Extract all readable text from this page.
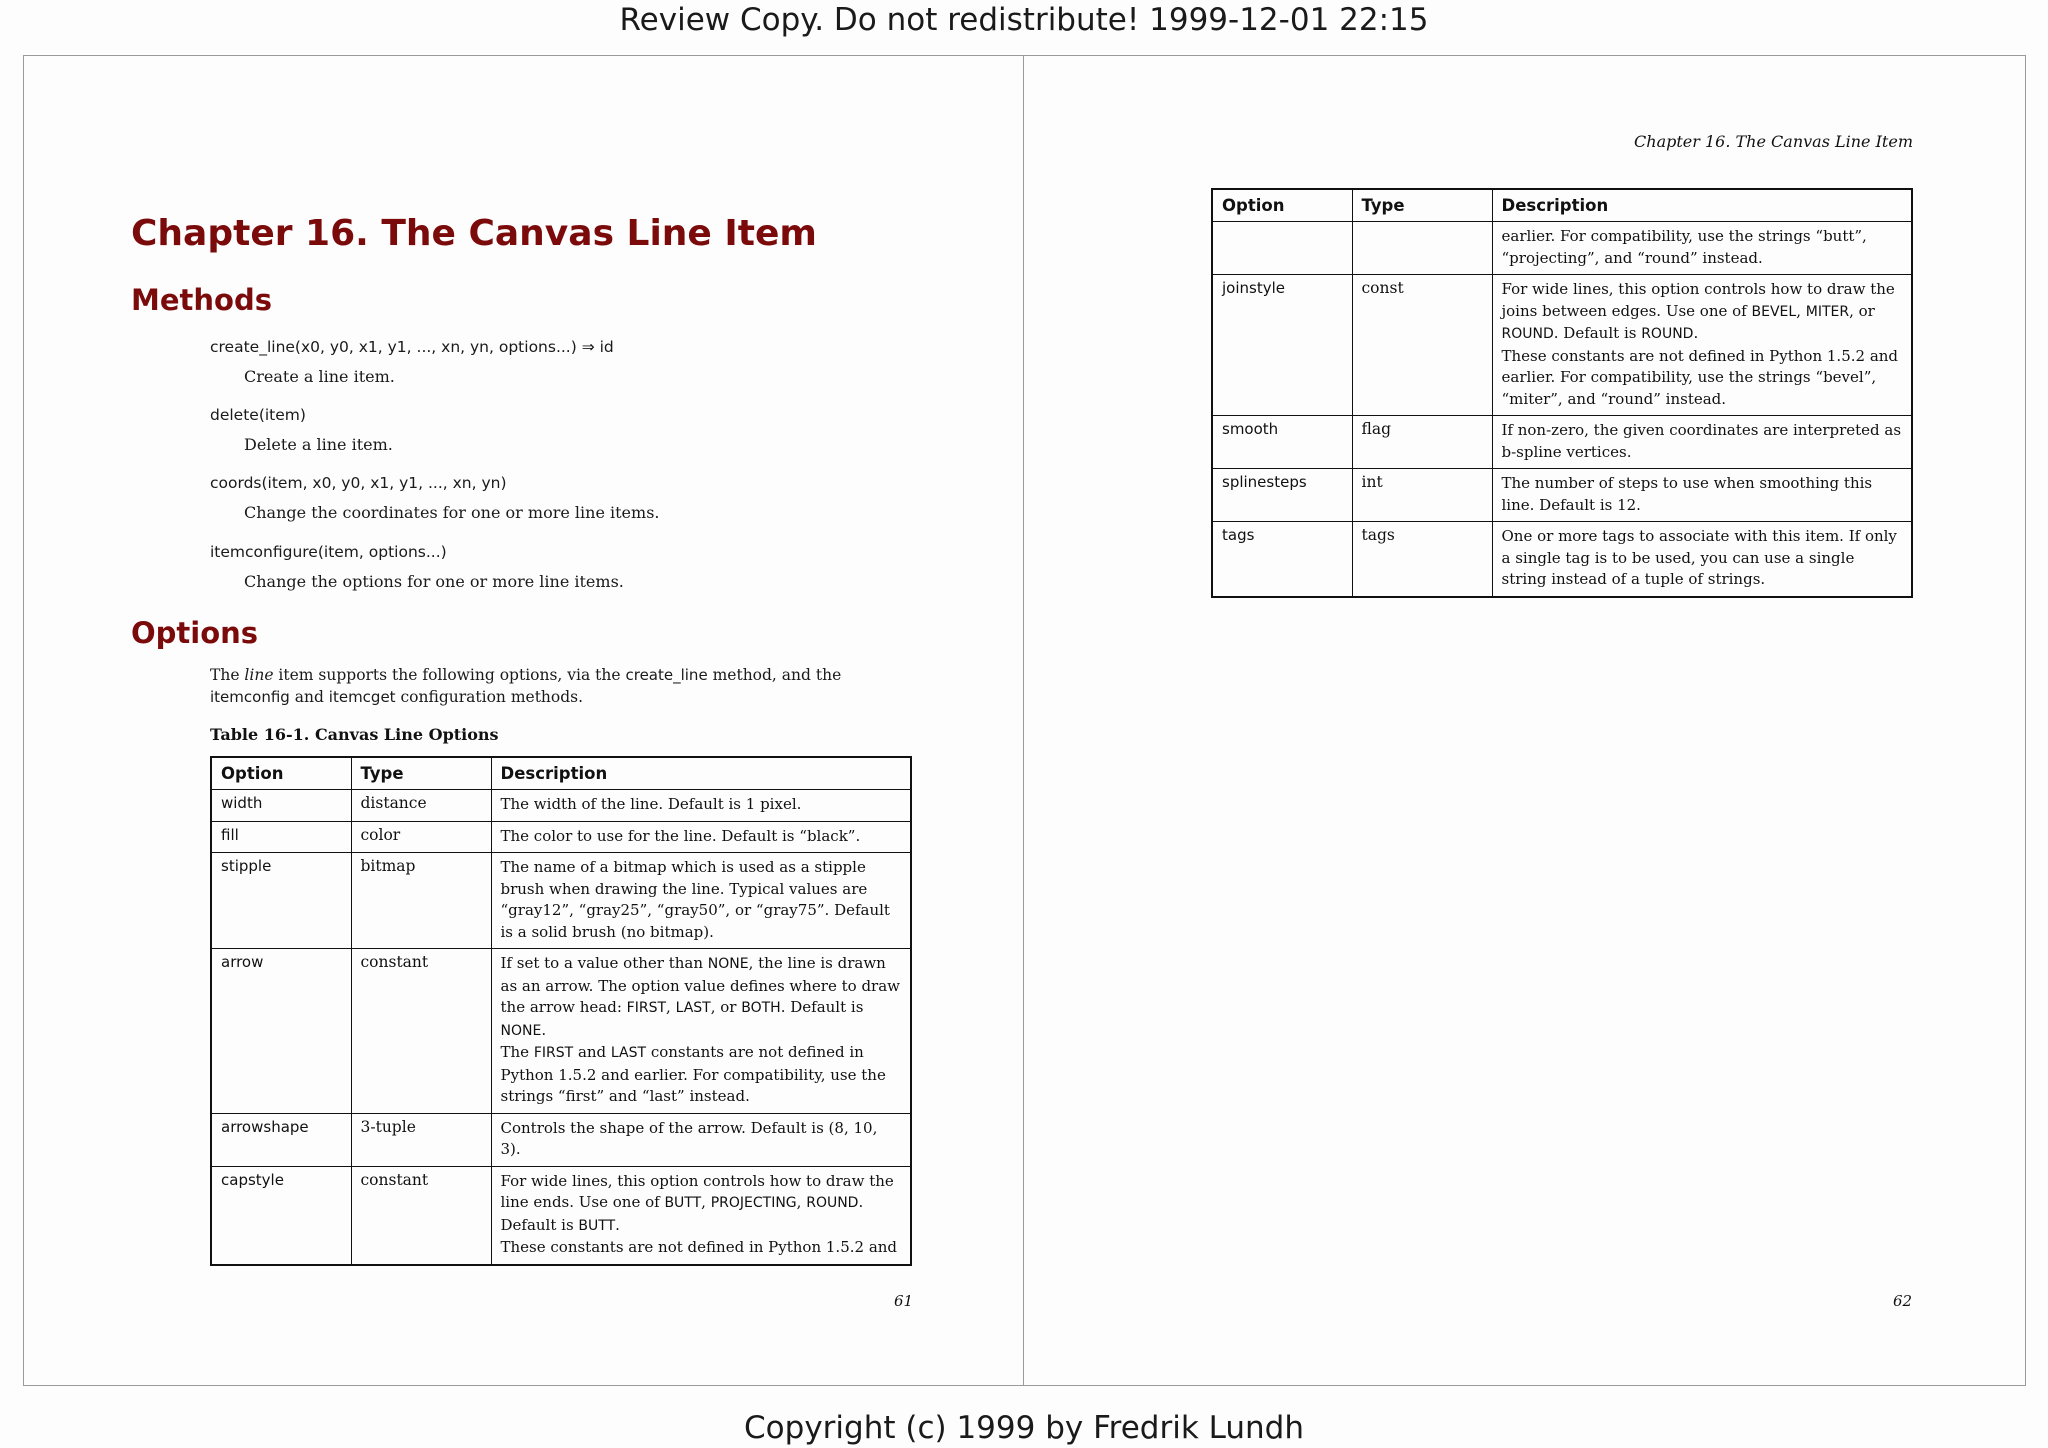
Review Copy. Do not redistribute! 1999-12-01 22:15
Chapter 16. The Canvas Line Item
Methods
create_line(x0, y0, x1, y1, ..., xn, yn, options...) ⇒ id
Create a line item.
delete(item)
Delete a line item.
coords(item, x0, y0, x1, y1, ..., xn, yn)
Change the coordinates for one or more line items.
itemconfigure(item, options...)
Change the options for one or more line items.
Options
The line item supports the following options, via the create_line method, and the itemconfig and itemcget configuration methods.
Table 16-1. Canvas Line Options
Option	Type	Description
width	distance	The width of the line. Default is 1 pixel.
fill	color	The color to use for the line. Default is “black”.
stipple	bitmap	The name of a bitmap which is used as a stipple brush when drawing the line. Typical values are “gray12”, “gray25”, “gray50”, or “gray75”. Default is a solid brush (no bitmap).
arrow	constant	If set to a value other than NONE, the line is drawn as an arrow. The option value defines where to draw the arrow head: FIRST, LAST, or BOTH. Default is NONE.
The FIRST and LAST constants are not defined in Python 1.5.2 and earlier. For compatibility, use the strings “first” and “last” instead.
arrowshape	3-tuple	Controls the shape of the arrow. Default is (8, 10, 3).
capstyle	constant	For wide lines, this option controls how to draw the line ends. Use one of BUTT, PROJECTING, ROUND. Default is BUTT.
These constants are not defined in Python 1.5.2 and
61
Chapter 16. The Canvas Line Item
Option	Type	Description
		earlier. For compatibility, use the strings “butt”, “projecting”, and “round” instead.
joinstyle	const	For wide lines, this option controls how to draw the joins between edges. Use one of BEVEL, MITER, or ROUND. Default is ROUND.
These constants are not defined in Python 1.5.2 and earlier. For compatibility, use the strings “bevel”, “miter”, and “round” instead.
smooth	flag	If non-zero, the given coordinates are interpreted as b-spline vertices.
splinesteps	int	The number of steps to use when smoothing this line. Default is 12.
tags	tags	One or more tags to associate with this item. If only a single tag is to be used, you can use a single string instead of a tuple of strings.
62
Copyright (c) 1999 by Fredrik Lundh
